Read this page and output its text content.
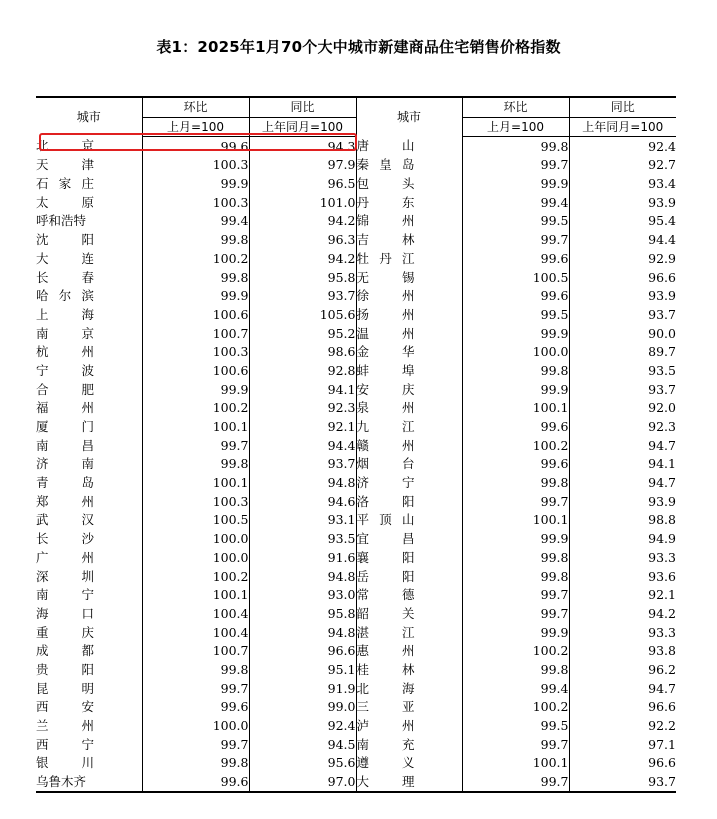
表1：2025年1月70个大中城市新建商品住宅销售价格指数
城市	环比	同比	城市	环比	同比
	上月=100	上年同月=100		上月=100	上年同月=100

北 京	99.6	94.3	唐 山	99.8	92.4

天 津	100.3	97.9	秦 皇 岛	99.7	92.7

石 家 庄	99.9	96.5	包 头	99.9	93.4

太 原	100.3	101.0	丹 东	99.4	93.9

呼 和 浩 特	99.4	94.2	锦 州	99.5	95.4

沈 阳	99.8	96.3	吉 林	99.7	94.4

大 连	100.2	94.2	牡 丹 江	99.6	92.9

长 春	99.8	95.8	无 锡	100.5	96.6

哈 尔 滨	99.9	93.7	徐 州	99.6	93.9

上 海	100.6	105.6	扬 州	99.5	93.7

南 京	100.7	95.2	温 州	99.9	90.0

杭 州	100.3	98.6	金 华	100.0	89.7

宁 波	100.6	92.8	蚌 埠	99.8	93.5

合 肥	99.9	94.1	安 庆	99.9	93.7

福 州	100.2	92.3	泉 州	100.1	92.0

厦 门	100.1	92.1	九 江	99.6	92.3

南 昌	99.7	94.4	赣 州	100.2	94.7

济 南	99.8	93.7	烟 台	99.6	94.1

青 岛	100.1	94.8	济 宁	99.8	94.7

郑 州	100.3	94.6	洛 阳	99.7	93.9

武 汉	100.5	93.1	平 顶 山	100.1	98.8

长 沙	100.0	93.5	宜 昌	99.9	94.9

广 州	100.0	91.6	襄 阳	99.8	93.3

深 圳	100.2	94.8	岳 阳	99.8	93.6

南 宁	100.1	93.0	常 德	99.7	92.1

海 口	100.4	95.8	韶 关	99.7	94.2

重 庆	100.4	94.8	湛 江	99.9	93.3

成 都	100.7	96.6	惠 州	100.2	93.8

贵 阳	99.8	95.1	桂 林	99.8	96.2

昆 明	99.7	91.9	北 海	99.4	94.7

西 安	99.6	99.0	三 亚	100.2	96.6

兰 州	100.0	92.4	泸 州	99.5	92.2

西 宁	99.7	94.5	南 充	99.7	97.1

银 川	99.8	95.6	遵 义	100.1	96.6

乌 鲁 木 齐	99.6	97.0	大 理	99.7	93.7
